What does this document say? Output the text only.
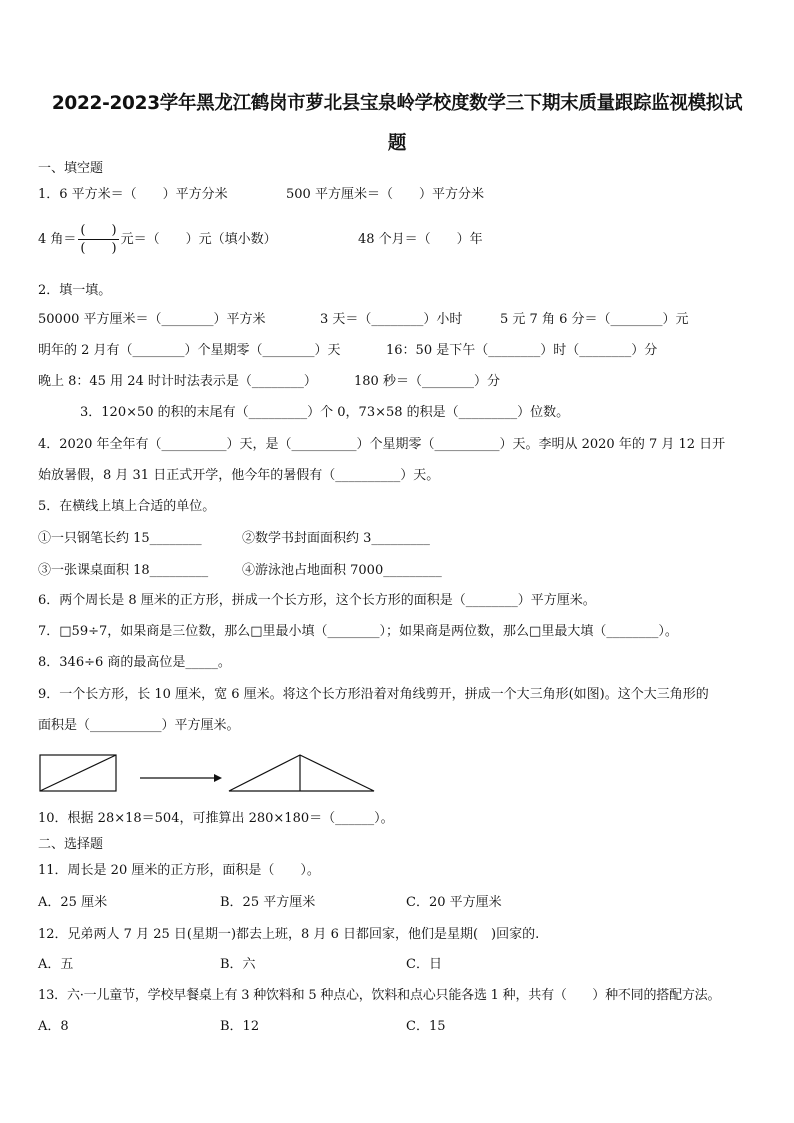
2022-2023学年黑龙江鹤岗市萝北县宝泉岭学校度数学三下期末质量跟踪监视模拟试
题
一、填空题
1．6 平方米＝（　　）平方分米	500 平方厘米＝（　　）平方分米
4 角＝ $\frac{( )}{( )}$ 元＝（　　）元（填小数）	48 个月＝（　　）年
2．填一填。
50000 平方厘米＝（________）平方米	3 天＝（________）小时	5 元 7 角 6 分＝（________）元
明年的 2 月有（________）个星期零（________）天	16：50 是下午（________）时（________）分
晚上 8：45 用 24 时计时法表示是（________）	180 秒＝（________）分
3．120×50 的积的末尾有（_________）个 0，73×58 的积是（_________）位数。
4．2020 年全年有（__________）天，是（__________）个星期零（__________）天。李明从 2020 年的 7 月 12 日开
始放暑假，8 月 31 日正式开学，他今年的暑假有（__________）天。
5．在横线上填上合适的单位。
①一只钢笔长约 15________	②数学书封面面积约 3_________
③一张课桌面积 18_________	④游泳池占地面积 7000_________
6．两个周长是 8 厘米的正方形，拼成一个长方形，这个长方形的面积是（________）平方厘米。
7．□59÷7，如果商是三位数，那么□里最小填（________）；如果商是两位数，那么□里最大填（________）。
8．346÷6 商的最高位是_____。
9．一个长方形，长 10 厘米，宽 6 厘米。将这个长方形沿着对角线剪开，拼成一个大三角形(如图)。这个大三角形的
面积是（___________）平方厘米。
10．根据 28×18＝504，可推算出 280×180＝（______）。
二、选择题
11．周长是 20 厘米的正方形，面积是（　　）。
A．25 厘米	B．25 平方厘米	C．20 平方厘米
12．兄弟两人 7 月 25 日(星期一)都去上班，8 月 6 日都回家，他们是星期(　)回家的.
A．五	B．六	C．日
13．六·一儿童节，学校早餐桌上有 3 种饮料和 5 种点心，饮料和点心只能各选 1 种，共有（　　）种不同的搭配方法。
A．8	B．12	C．15
